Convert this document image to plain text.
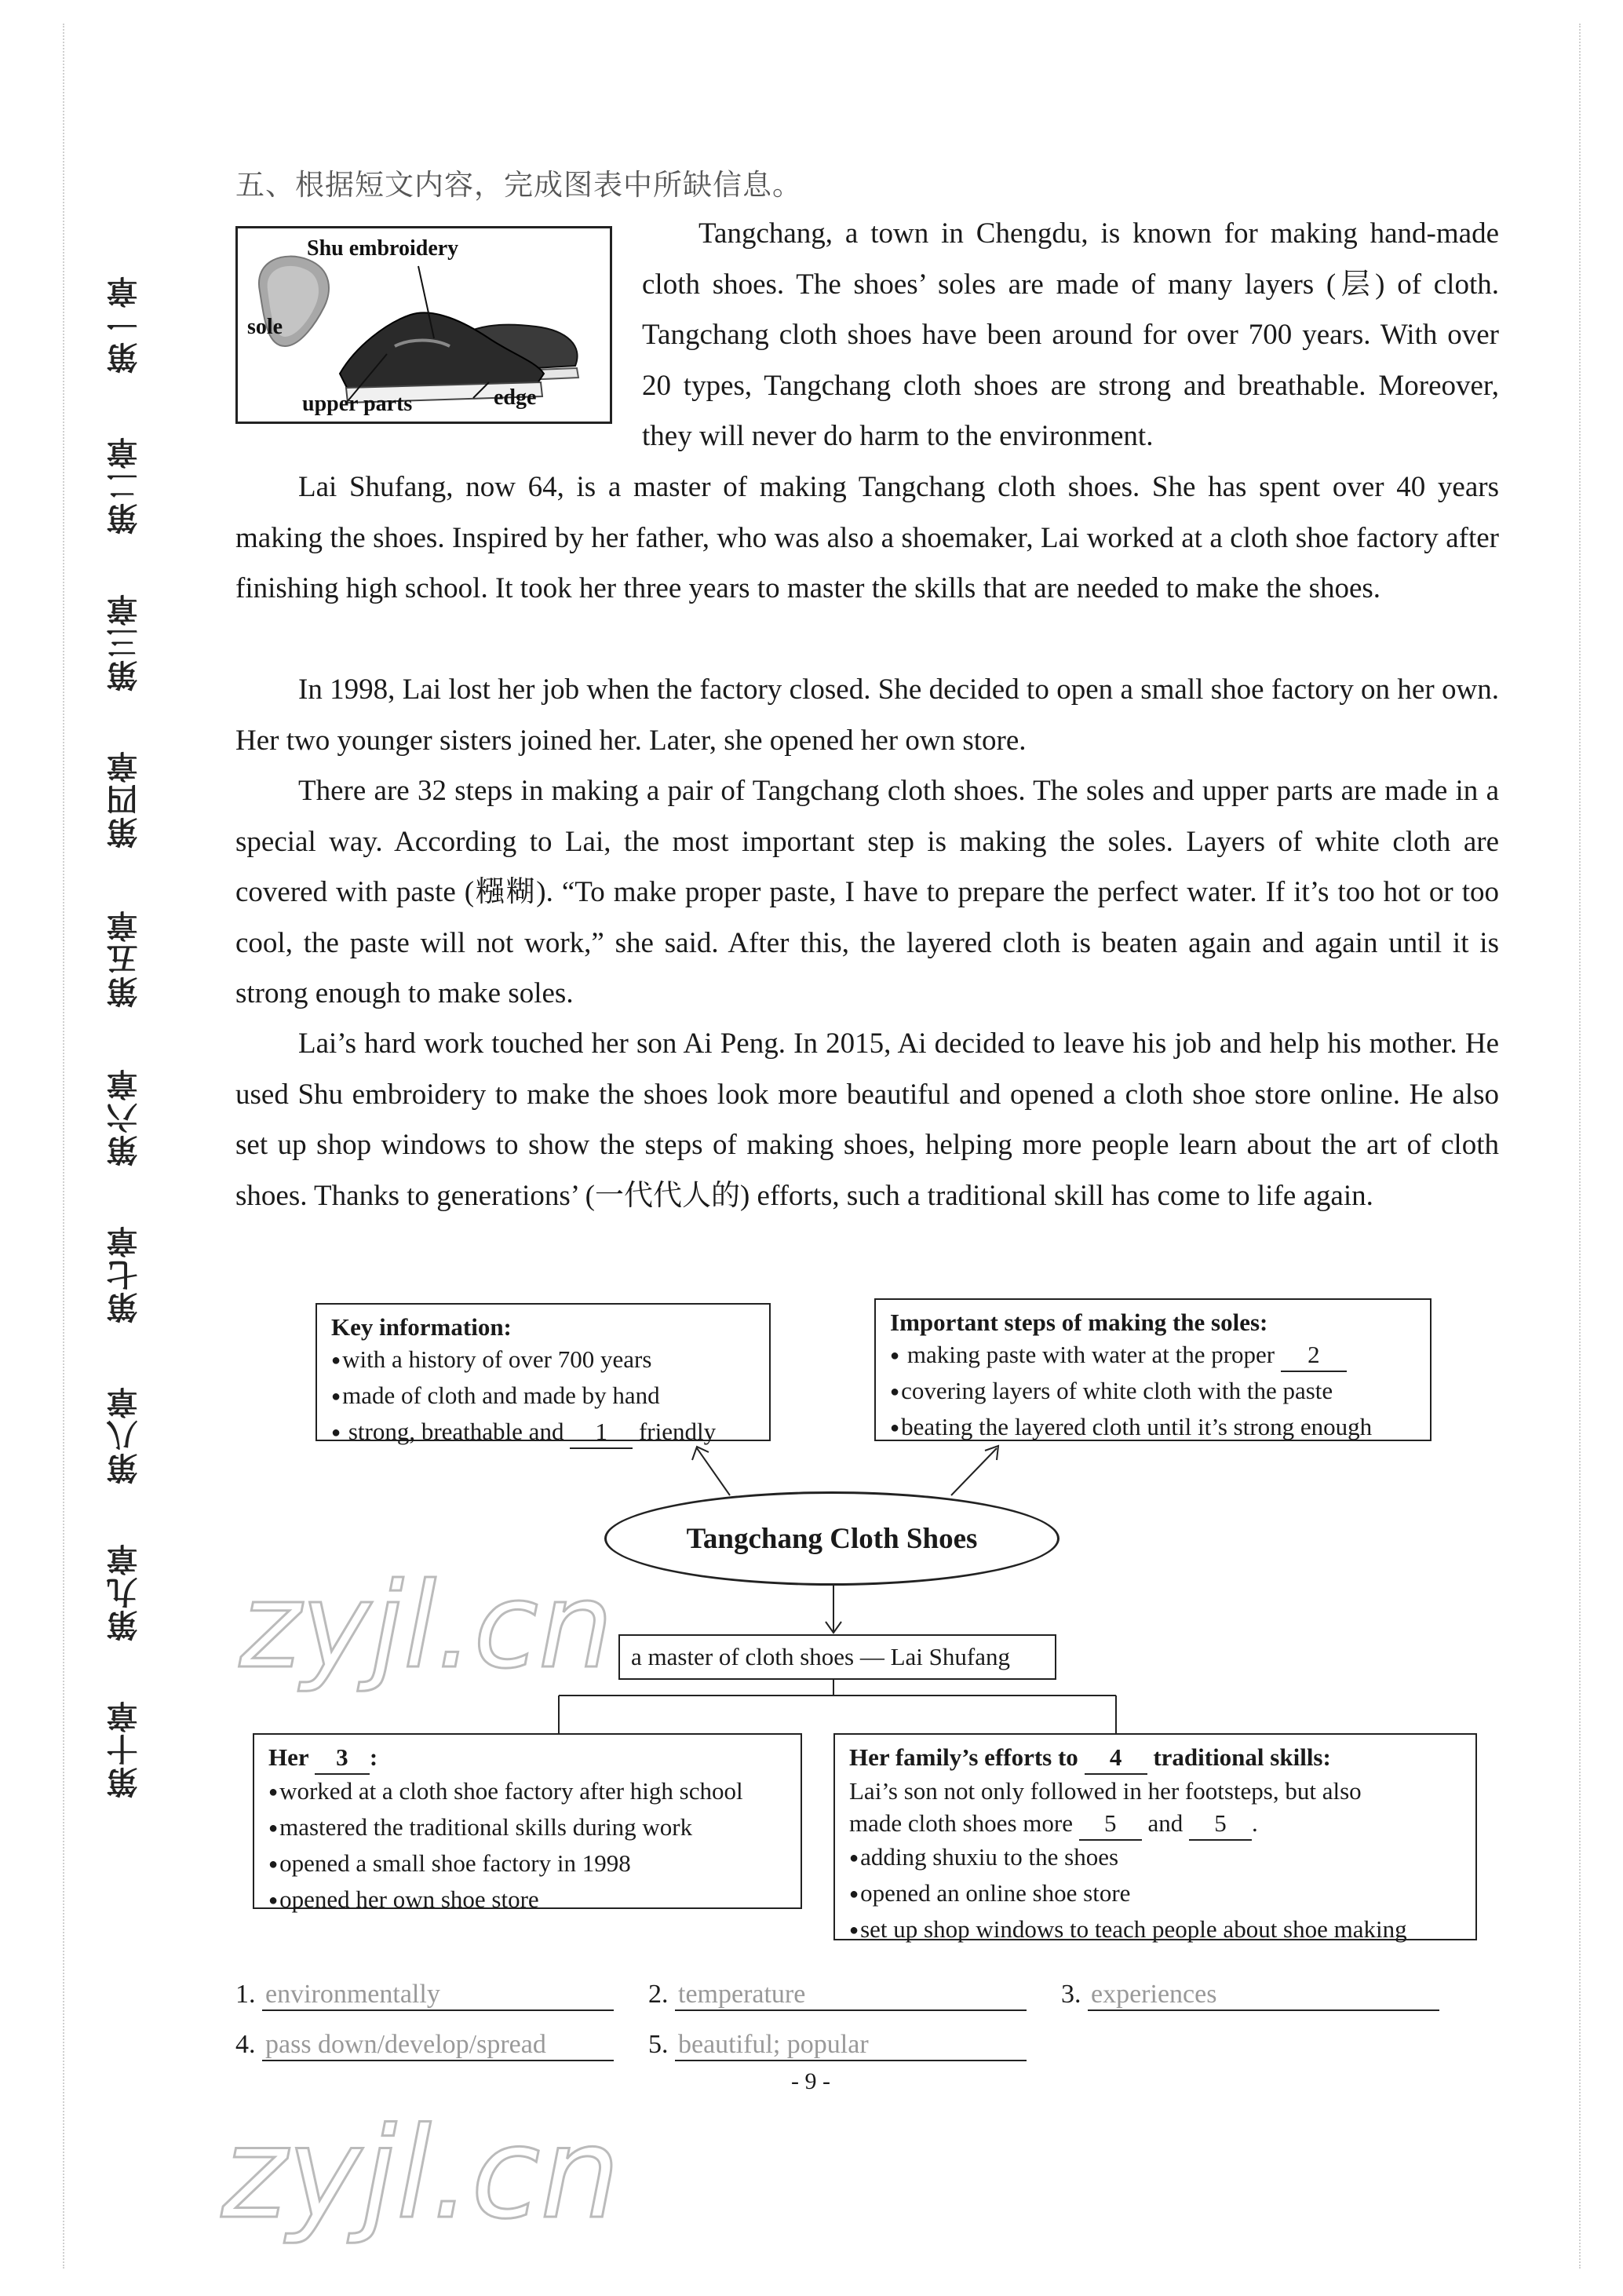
第一章
第二章
第三章
第四章
第五章
第六章
第七章
第八章
第九章
第十章
五、根据短文内容，完成图表中所缺信息。
Shu embroidery
sole
upper parts	edge

Tangchang, a town in Chengdu, is known for making hand-made cloth shoes. The shoes’ soles are made of many layers (层) of cloth. Tangchang cloth shoes have been around for over 700 years. With over 20 types, Tangchang cloth shoes are strong and breathable. Moreover, they will never do harm to the environment.

Lai Shufang, now 64, is a master of making Tangchang cloth shoes. She has spent over 40 years making the shoes. Inspired by her father, who was also a shoemaker, Lai worked at a cloth shoe factory after finishing high school. It took her three years to master the skills that are needed to make the shoes.

In 1998, Lai lost her job when the factory closed. She decided to open a small shoe factory on her own. Her two younger sisters joined her. Later, she opened her own store.

There are 32 steps in making a pair of Tangchang cloth shoes. The soles and upper parts are made in a special way. According to Lai, the most important step is making the soles. Layers of white cloth are covered with paste (糨糊). “To make proper paste, I have to prepare the perfect water. If it’s too hot or too cool, the paste will not work,” she said. After this, the layered cloth is beaten again and again until it is strong enough to make soles.

Lai’s hard work touched her son Ai Peng. In 2015, Ai decided to leave his job and help his mother. He used Shu embroidery to make the shoes look more beautiful and opened a cloth shoe store online. He also set up shop windows to show the steps of making shoes, helping more people learn about the art of cloth shoes. Thanks to generations’ (一代代人的) efforts, such a traditional skill has come to life again.

Key information:
● with a history of over 700 years
● made of cloth and made by hand
● strong, breathable and 1 friendly
Important steps of making the soles:
● making paste with water at the proper 2
● covering layers of white cloth with the paste
● beating the layered cloth until it’s strong enough
Tangchang Cloth Shoes
a master of cloth shoes — Lai Shufang
Her 3 :
● worked at a cloth shoe factory after high school
● mastered the traditional skills during work
● opened a small shoe factory in 1998
● opened her own shoe store
Her family’s efforts to 4 traditional skills:
Lai’s son not only followed in her footsteps, but also
made cloth shoes more 5 and 5 .
● adding shuxiu to the shoes
● opened an online shoe store
● set up shop windows to teach people about shoe making
1. environmentally	2. temperature	3. experiences
4. pass down/develop/spread	5. beautiful; popular
- 9 -
zyjl.cn
zyjl.cn
